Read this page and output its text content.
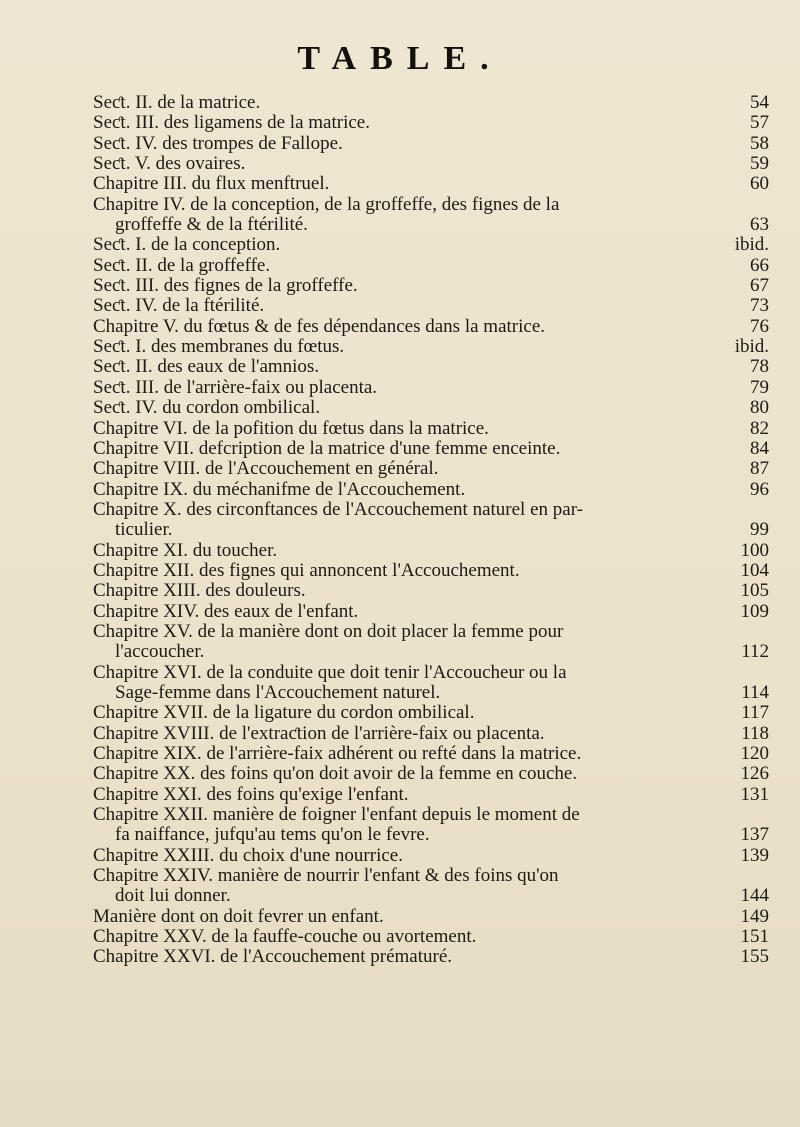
TABLE.
Seƈt. II. de la matrice.	54
Seƈt. III. des ligamens de la matrice.	57
Seƈt. IV. des trompes de Fallope.	58
Seƈt. V. des ovaires.	59
Chapitre III. du flux menftruel.	60
Chapitre IV. de la conception, de la groffeffe, des fignes de la
groffeffe & de la ftérilité.	63
Seƈt. I. de la conception.	ibid.
Seƈt. II. de la groffeffe.	66
Seƈt. III. des fignes de la groffeffe.	67
Seƈt. IV. de la ftérilité.	73
Chapitre V. du fœtus & de fes dépendances dans la matrice.	76
Seƈt. I. des membranes du fœtus.	ibid.
Seƈt. II. des eaux de l'amnios.	78
Seƈt. III. de l'arrière-faix ou placenta.	79
Seƈt. IV. du cordon ombilical.	80
Chapitre VI. de la pofition du fœtus dans la matrice.	82
Chapitre VII. defcription de la matrice d'une femme enceinte.	84
Chapitre VIII. de l'Accouchement en général.	87
Chapitre IX. du méchanifme de l'Accouchement.	96
Chapitre X. des circonftances de l'Accouchement naturel en par-
ticulier.	99
Chapitre XI. du toucher.	100
Chapitre XII. des fignes qui annoncent l'Accouchement.	104
Chapitre XIII. des douleurs.	105
Chapitre XIV. des eaux de l'enfant.	109
Chapitre XV. de la manière dont on doit placer la femme pour
l'accoucher.	112
Chapitre XVI. de la conduite que doit tenir l'Accoucheur ou la
Sage-femme dans l'Accouchement naturel.	114
Chapitre XVII. de la ligature du cordon ombilical.	117
Chapitre XVIII. de l'extraƈtion de l'arrière-faix ou placenta.	118
Chapitre XIX. de l'arrière-faix adhérent ou refté dans la matrice.	120
Chapitre XX. des foins qu'on doit avoir de la femme en couche.	126
Chapitre XXI. des foins qu'exige l'enfant.	131
Chapitre XXII. manière de foigner l'enfant depuis le moment de
fa naiffance, jufqu'au tems qu'on le fevre.	137
Chapitre XXIII. du choix d'une nourrice.	139
Chapitre XXIV. manière de nourrir l'enfant & des foins qu'on
doit lui donner.	144
Manière dont on doit fevrer un enfant.	149
Chapitre XXV. de la fauffe-couche ou avortement.	151
Chapitre XXVI. de l'Accouchement prématuré.	155
